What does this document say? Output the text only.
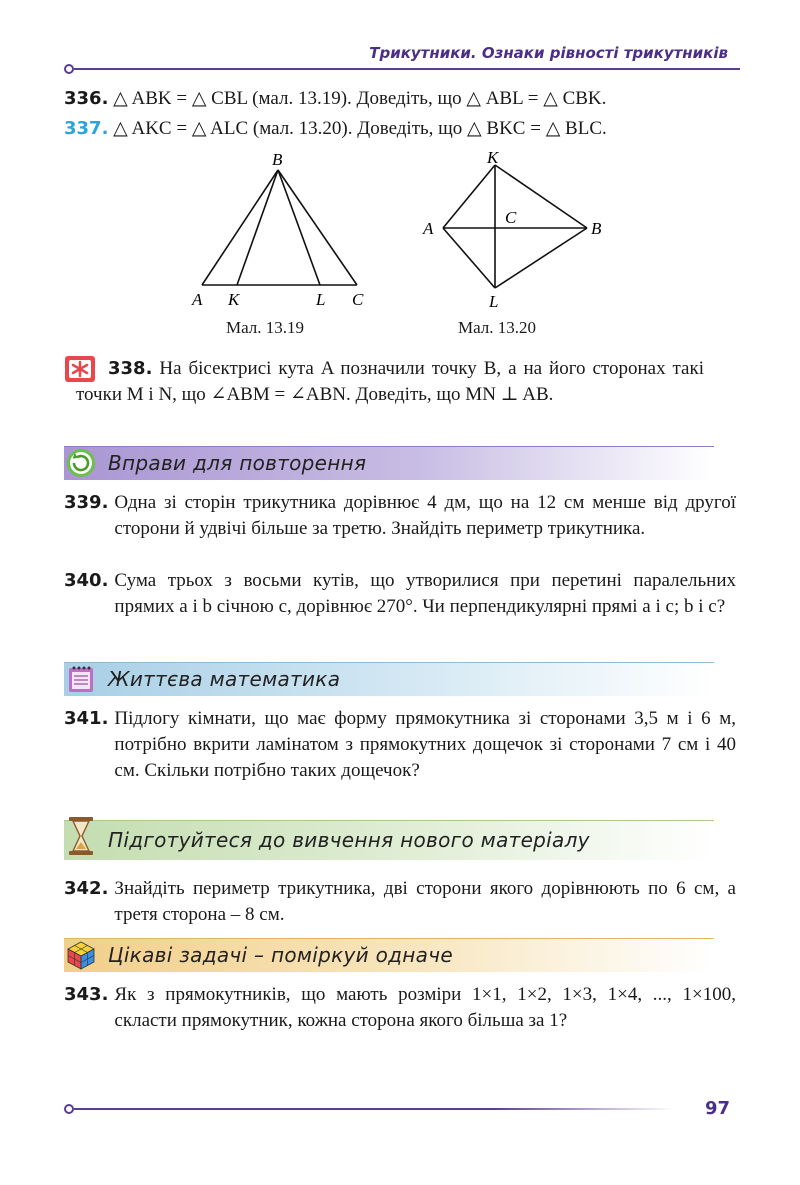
Трикутники. Ознаки рівності трикутників
336. △ ABK = △ CBL (мал. 13.19). Доведіть, що △ ABL = △ CBK.
337. △ AKC = △ ALC (мал. 13.20). Доведіть, що △ BKC = △ BLC.
B
A K	L C
Мал. 13.19
K
A
C
B
L
Мал. 13.20
338. На бісектрисі кута A позначили точку B, а на його сторонах такі точки M і N, що ∠ABM = ∠ABN. Доведіть, що MN ⊥ AB.
Вправи для повторення
339. Одна зі сторін трикутника дорівнює 4 дм, що на 12 см менше від другої сторони й удвічі більше за третю. Знайдіть периметр трикутника.
340. Сума трьох з восьми кутів, що утворилися при перетині паралельних прямих a і b січною c, дорівнює 270°. Чи перпендикулярні прямі a і c; b і c?
Життєва математика
341. Підлогу кімнати, що має форму прямокутника зі сторонами 3,5 м і 6 м, потрібно вкрити ламінатом з прямокутних дощечок зі сторонами 7 см і 40 см. Скільки потрібно таких дощечок?
Підготуйтеся до вивчення нового матеріалу
342. Знайдіть периметр трикутника, дві сторони якого дорівнюють по 6 см, а третя сторона – 8 см.
Цікаві задачі – поміркуй одначе
343. Як з прямокутників, що мають розміри 1×1, 1×2, 1×3, 1×4, ..., 1×100, скласти прямокутник, кожна сторона якого більша за 1?
97
